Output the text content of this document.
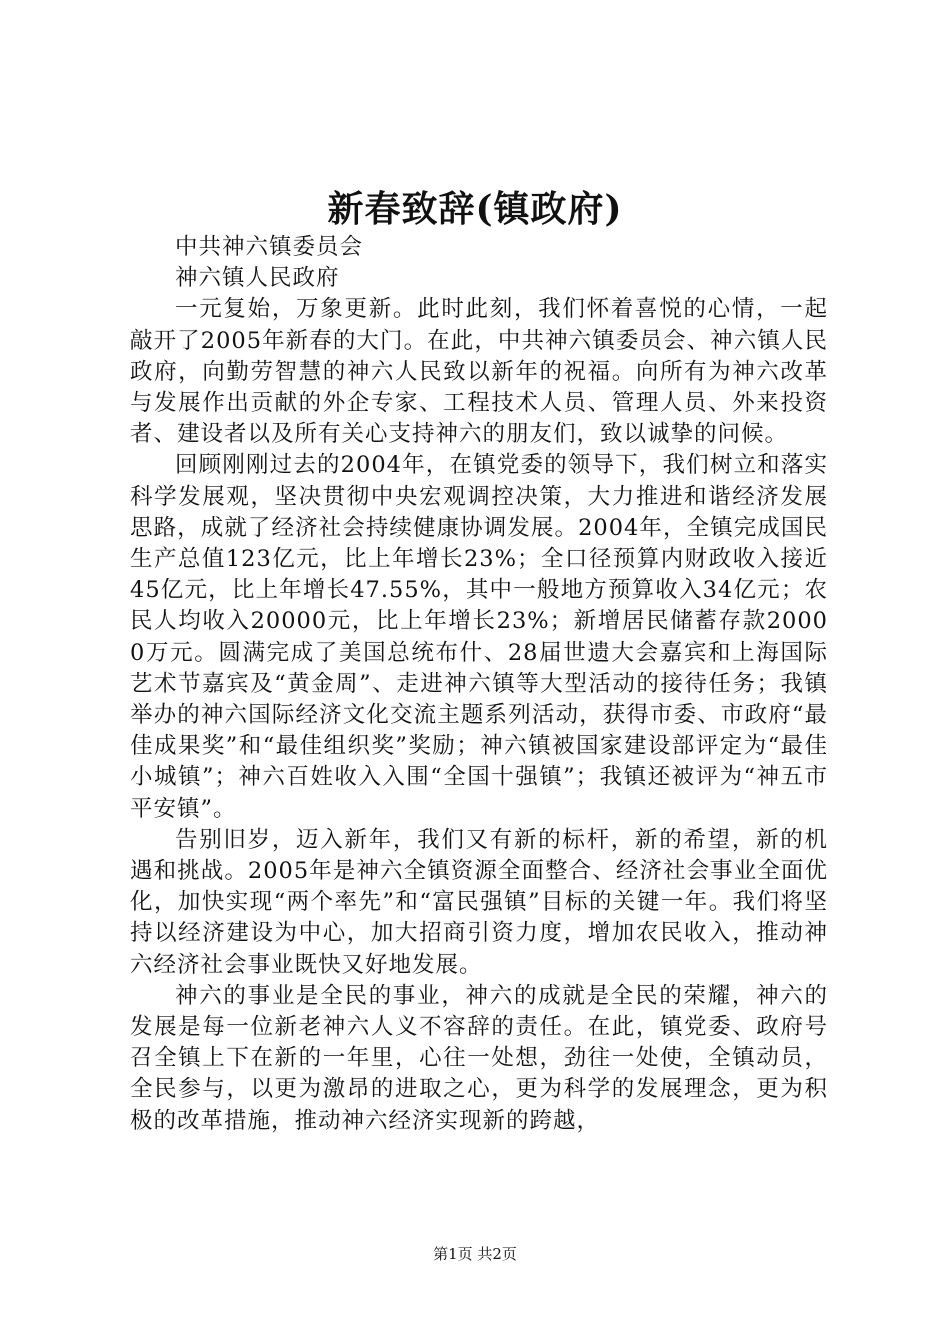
新春致辞(镇政府)

中共神六镇委员会

神六镇人民政府

一元复始，万象更新。此时此刻，我们怀着喜悦的心情，一起敲开了2005年新春的大门。在此，中共神六镇委员会、神六镇人民政府，向勤劳智慧的神六人民致以新年的祝福。向所有为神六改革与发展作出贡献的外企专家、工程技术人员、管理人员、外来投资者、建设者以及所有关心支持神六的朋友们，致以诚挚的问候。

回顾刚刚过去的2004年，在镇党委的领导下，我们树立和落实科学发展观，坚决贯彻中央宏观调控决策，大力推进和谐经济发展思路，成就了经济社会持续健康协调发展。2004年，全镇完成国民生产总值123亿元，比上年增长23%；全口径预算内财政收入接近45亿元，比上年增长47.55%，其中一般地方预算收入34亿元；农民人均收入20000元，比上年增长23%；新增居民储蓄存款20000万元。圆满完成了美国总统布什、28届世遗大会嘉宾和上海国际艺术节嘉宾及“黄金周”、走进神六镇等大型活动的接待任务；我镇举办的神六国际经济文化交流主题系列活动，获得市委、市政府“最佳成果奖”和“最佳组织奖”奖励；神六镇被国家建设部评定为“最佳小城镇”；神六百姓收入入围“全国十强镇”；我镇还被评为“神五市平安镇”。

告别旧岁，迈入新年，我们又有新的标杆，新的希望，新的机遇和挑战。2005年是神六全镇资源全面整合、经济社会事业全面优化，加快实现“两个率先”和“富民强镇”目标的关键一年。我们将坚持以经济建设为中心，加大招商引资力度，增加农民收入，推动神六经济社会事业既快又好地发展。

神六的事业是全民的事业，神六的成就是全民的荣耀，神六的发展是每一位新老神六人义不容辞的责任。在此，镇党委、政府号召全镇上下在新的一年里，心往一处想，劲往一处使，全镇动员，全民参与，以更为激昂的进取之心，更为科学的发展理念，更为积极的改革措施，推动神六经济实现新的跨越，

第1页 共2页
